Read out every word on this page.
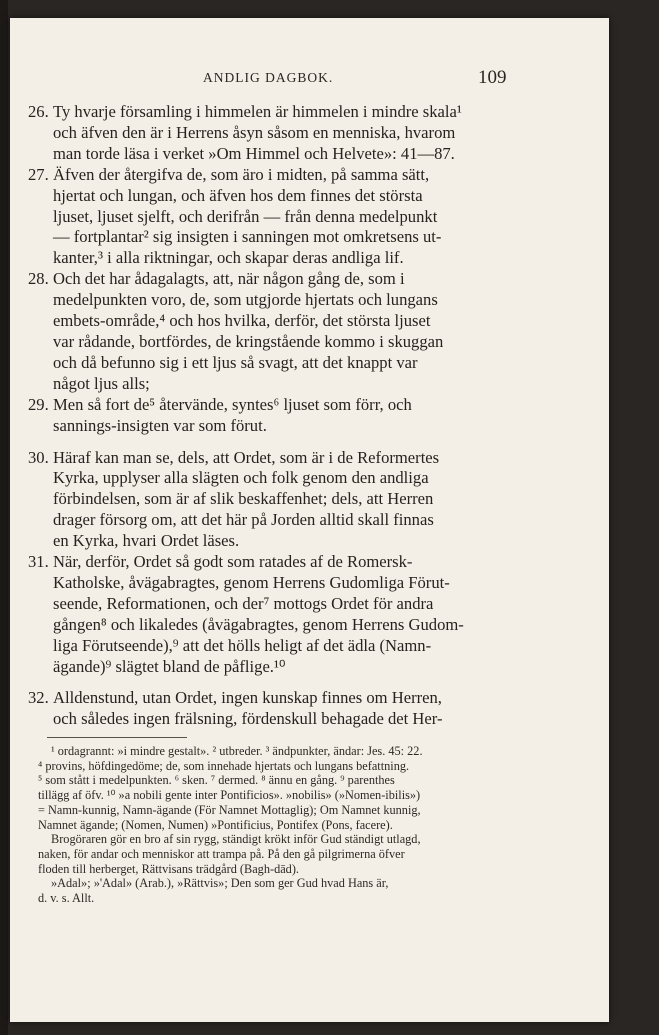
ANDLIG DAGBOK.	109
26. Ty hvarje församling i himmelen är himmelen i mindre skala¹
och äfven den är i Herrens åsyn såsom en menniska, hvarom
man torde läsa i verket »Om Himmel och Helvete»: 41—87.
27. Äfven der återgifva de, som äro i midten, på samma sätt,
hjertat och lungan, och äfven hos dem finnes det största
ljuset, ljuset sjelft, och derifrån — från denna medelpunkt
— fortplantar² sig insigten i sanningen mot omkretsens ut-
kanter,³ i alla riktningar, och skapar deras andliga lif.
28. Och det har ådagalagts, att, när någon gång de, som i
medelpunkten voro, de, som utgjorde hjertats och lungans
embets-område,⁴ och hos hvilka, derför, det största ljuset
var rådande, bortfördes, de kringstående kommo i skuggan
och då befunno sig i ett ljus så svagt, att det knappt var
något ljus alls;
29. Men så fort de⁵ återvände, syntes⁶ ljuset som förr, och
sannings-insigten var som förut.
30. Häraf kan man se, dels, att Ordet, som är i de Reformertes
Kyrka, upplyser alla slägten och folk genom den andliga
förbindelsen, som är af slik beskaffenhet; dels, att Herren
drager försorg om, att det här på Jorden alltid skall finnas
en Kyrka, hvari Ordet läses.
31. När, derför, Ordet så godt som ratades af de Romersk-
Katholske, åvägabragtes, genom Herrens Gudomliga Förut-
seende, Reformationen, och der⁷ mottogs Ordet för andra
gången⁸ och likaledes (åvägabragtes, genom Herrens Gudom-
liga Förutseende),⁹ att det hölls heligt af det ädla (Namn-
ägande)⁹ slägtet bland de påflige.¹⁰
32. Alldenstund, utan Ordet, ingen kunskap finnes om Herren,
och således ingen frälsning, fördenskull behagade det Her-
¹ ordagrannt: »i mindre gestalt». ² utbreder. ³ ändpunkter, ändar: Jes. 45: 22.
⁴ provins, höfdingedöme; de, som innehade hjertats och lungans befattning.
⁵ som stått i medelpunkten. ⁶ sken. ⁷ dermed. ⁸ ännu en gång. ⁹ parenthes
tillägg af öfv. ¹⁰ »a nobili gente inter Pontificios». »nobilis» (»Nomen-ibilis»)
= Namn-kunnig, Namn-ägande (För Namnet Mottaglig); Om Namnet kunnig,
Namnet ägande; (Nomen, Numen) »Pontificius, Pontifex (Pons, facere).
Brogöraren gör en bro af sin rygg, ständigt krökt inför Gud ständigt utlagd,
naken, för andar och menniskor att trampa på. På den gå pilgrimerna öfver
floden till herberget, Rättvisans trädgård (Bagh-dād).
»Adal»; »'Adal» (Arab.), »Rättvis»; Den som ger Gud hvad Hans är,
d. v. s. Allt.
